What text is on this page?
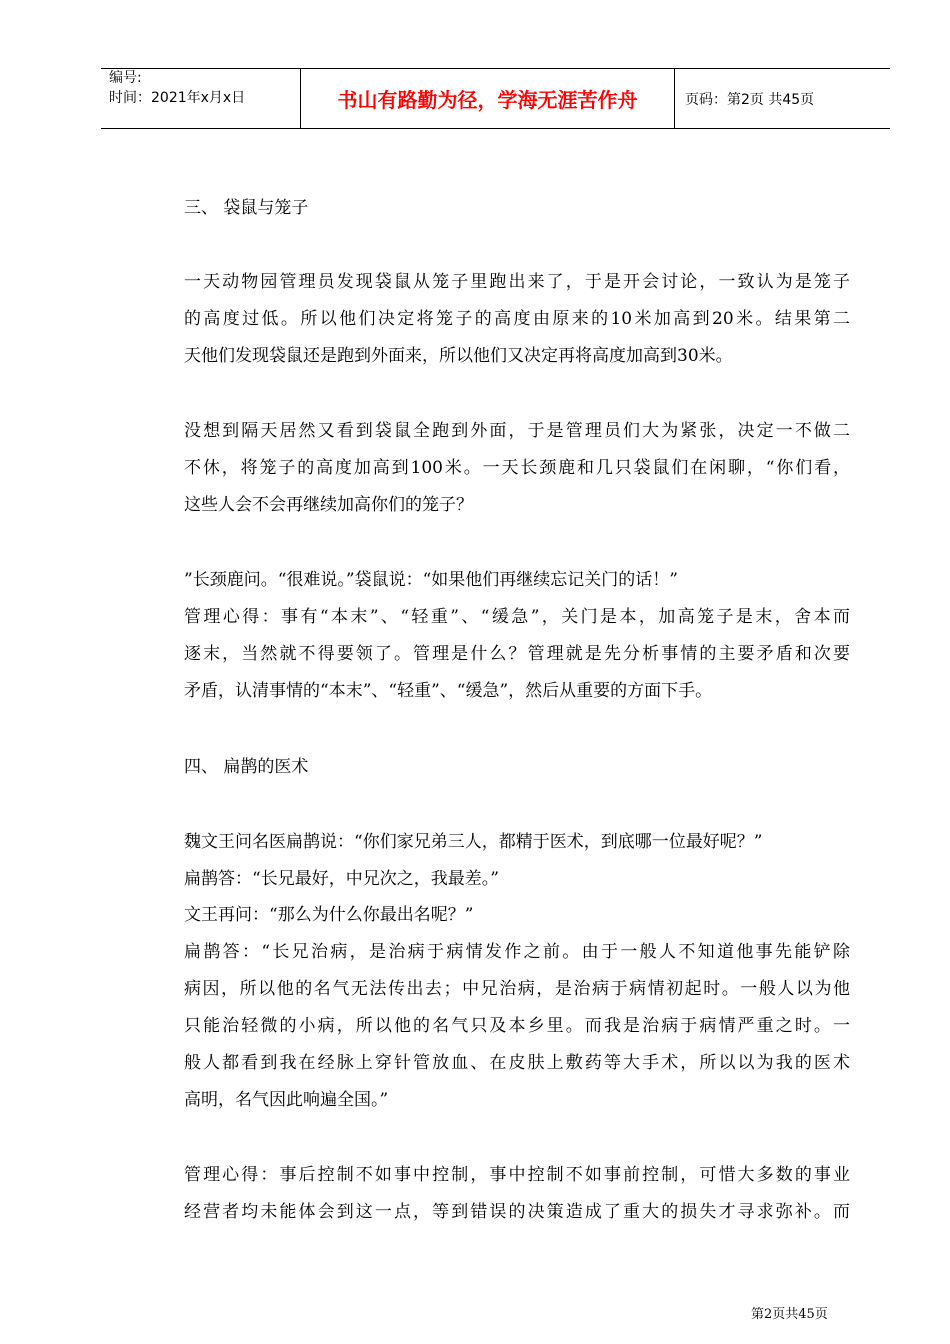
编号:
时间：2021年x月x日	书山有路勤为径，学海无涯苦作舟	页码：第2页 共45页
三、 袋鼠与笼子
一天动物园管理员发现袋鼠从笼子里跑出来了，于是开会讨论，一致认为是笼子
的高度过低。所以他们决定将笼子的高度由原来的10米加高到20米。结果第二
天他们发现袋鼠还是跑到外面来，所以他们又决定再将高度加高到30米。
没想到隔天居然又看到袋鼠全跑到外面，于是管理员们大为紧张，决定一不做二
不休，将笼子的高度加高到100米。一天长颈鹿和几只袋鼠们在闲聊，“你们看，
这些人会不会再继续加高你们的笼子？
”长颈鹿问。“很难说。”袋鼠说：“如果他们再继续忘记关门的话！”
管理心得：事有“本末”、“轻重”、“缓急”，关门是本，加高笼子是末，舍本而
逐末，当然就不得要领了。管理是什么？管理就是先分析事情的主要矛盾和次要
矛盾，认清事情的“本末”、“轻重”、“缓急”，然后从重要的方面下手。
四、 扁鹊的医术
魏文王问名医扁鹊说：“你们家兄弟三人，都精于医术，到底哪一位最好呢？”
扁鹊答：“长兄最好，中兄次之，我最差。”
文王再问：“那么为什么你最出名呢？”
扁鹊答：“长兄治病，是治病于病情发作之前。由于一般人不知道他事先能铲除
病因，所以他的名气无法传出去；中兄治病，是治病于病情初起时。一般人以为他
只能治轻微的小病，所以他的名气只及本乡里。而我是治病于病情严重之时。一
般人都看到我在经脉上穿针管放血、在皮肤上敷药等大手术，所以以为我的医术
高明，名气因此响遍全国。”
管理心得：事后控制不如事中控制，事中控制不如事前控制，可惜大多数的事业
经营者均未能体会到这一点，等到错误的决策造成了重大的损失才寻求弥补。而
第2页共45页
